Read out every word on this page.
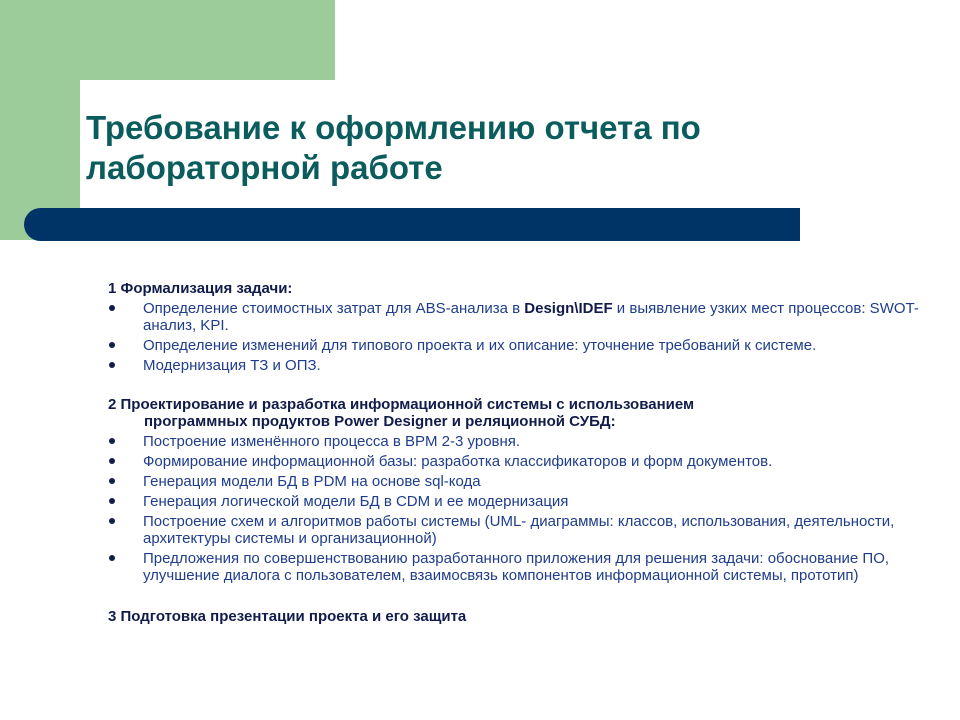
Требование к оформлению отчета по лабораторной работе
1 Формализация задачи:
Определение стоимостных затрат для ABS-анализа в Design\IDEF и выявление узких мест процессов: SWOT-анализ, KPI.
Определение изменений для типового проекта и их описание: уточнение требований к системе.
Модернизация ТЗ и ОПЗ.
2 Проектирование и разработка информационной системы с использованием
программных продуктов Power Designer и реляционной СУБД:
Построение изменённого процесса в BPM 2-3 уровня.
Формирование информационной базы: разработка классификаторов и форм документов.
Генерация модели БД в PDM на основе sql-кода
Генерация логической модели БД в CDM и ее модернизация
Построение схем и алгоритмов работы системы (UML- диаграммы: классов, использования, деятельности, архитектуры системы и организационной)
Предложения по совершенствованию разработанного приложения для решения задачи: обоснование ПО, улучшение диалога с пользователем, взаимосвязь компонентов информационной системы, прототип)
3 Подготовка презентации проекта и его защита
